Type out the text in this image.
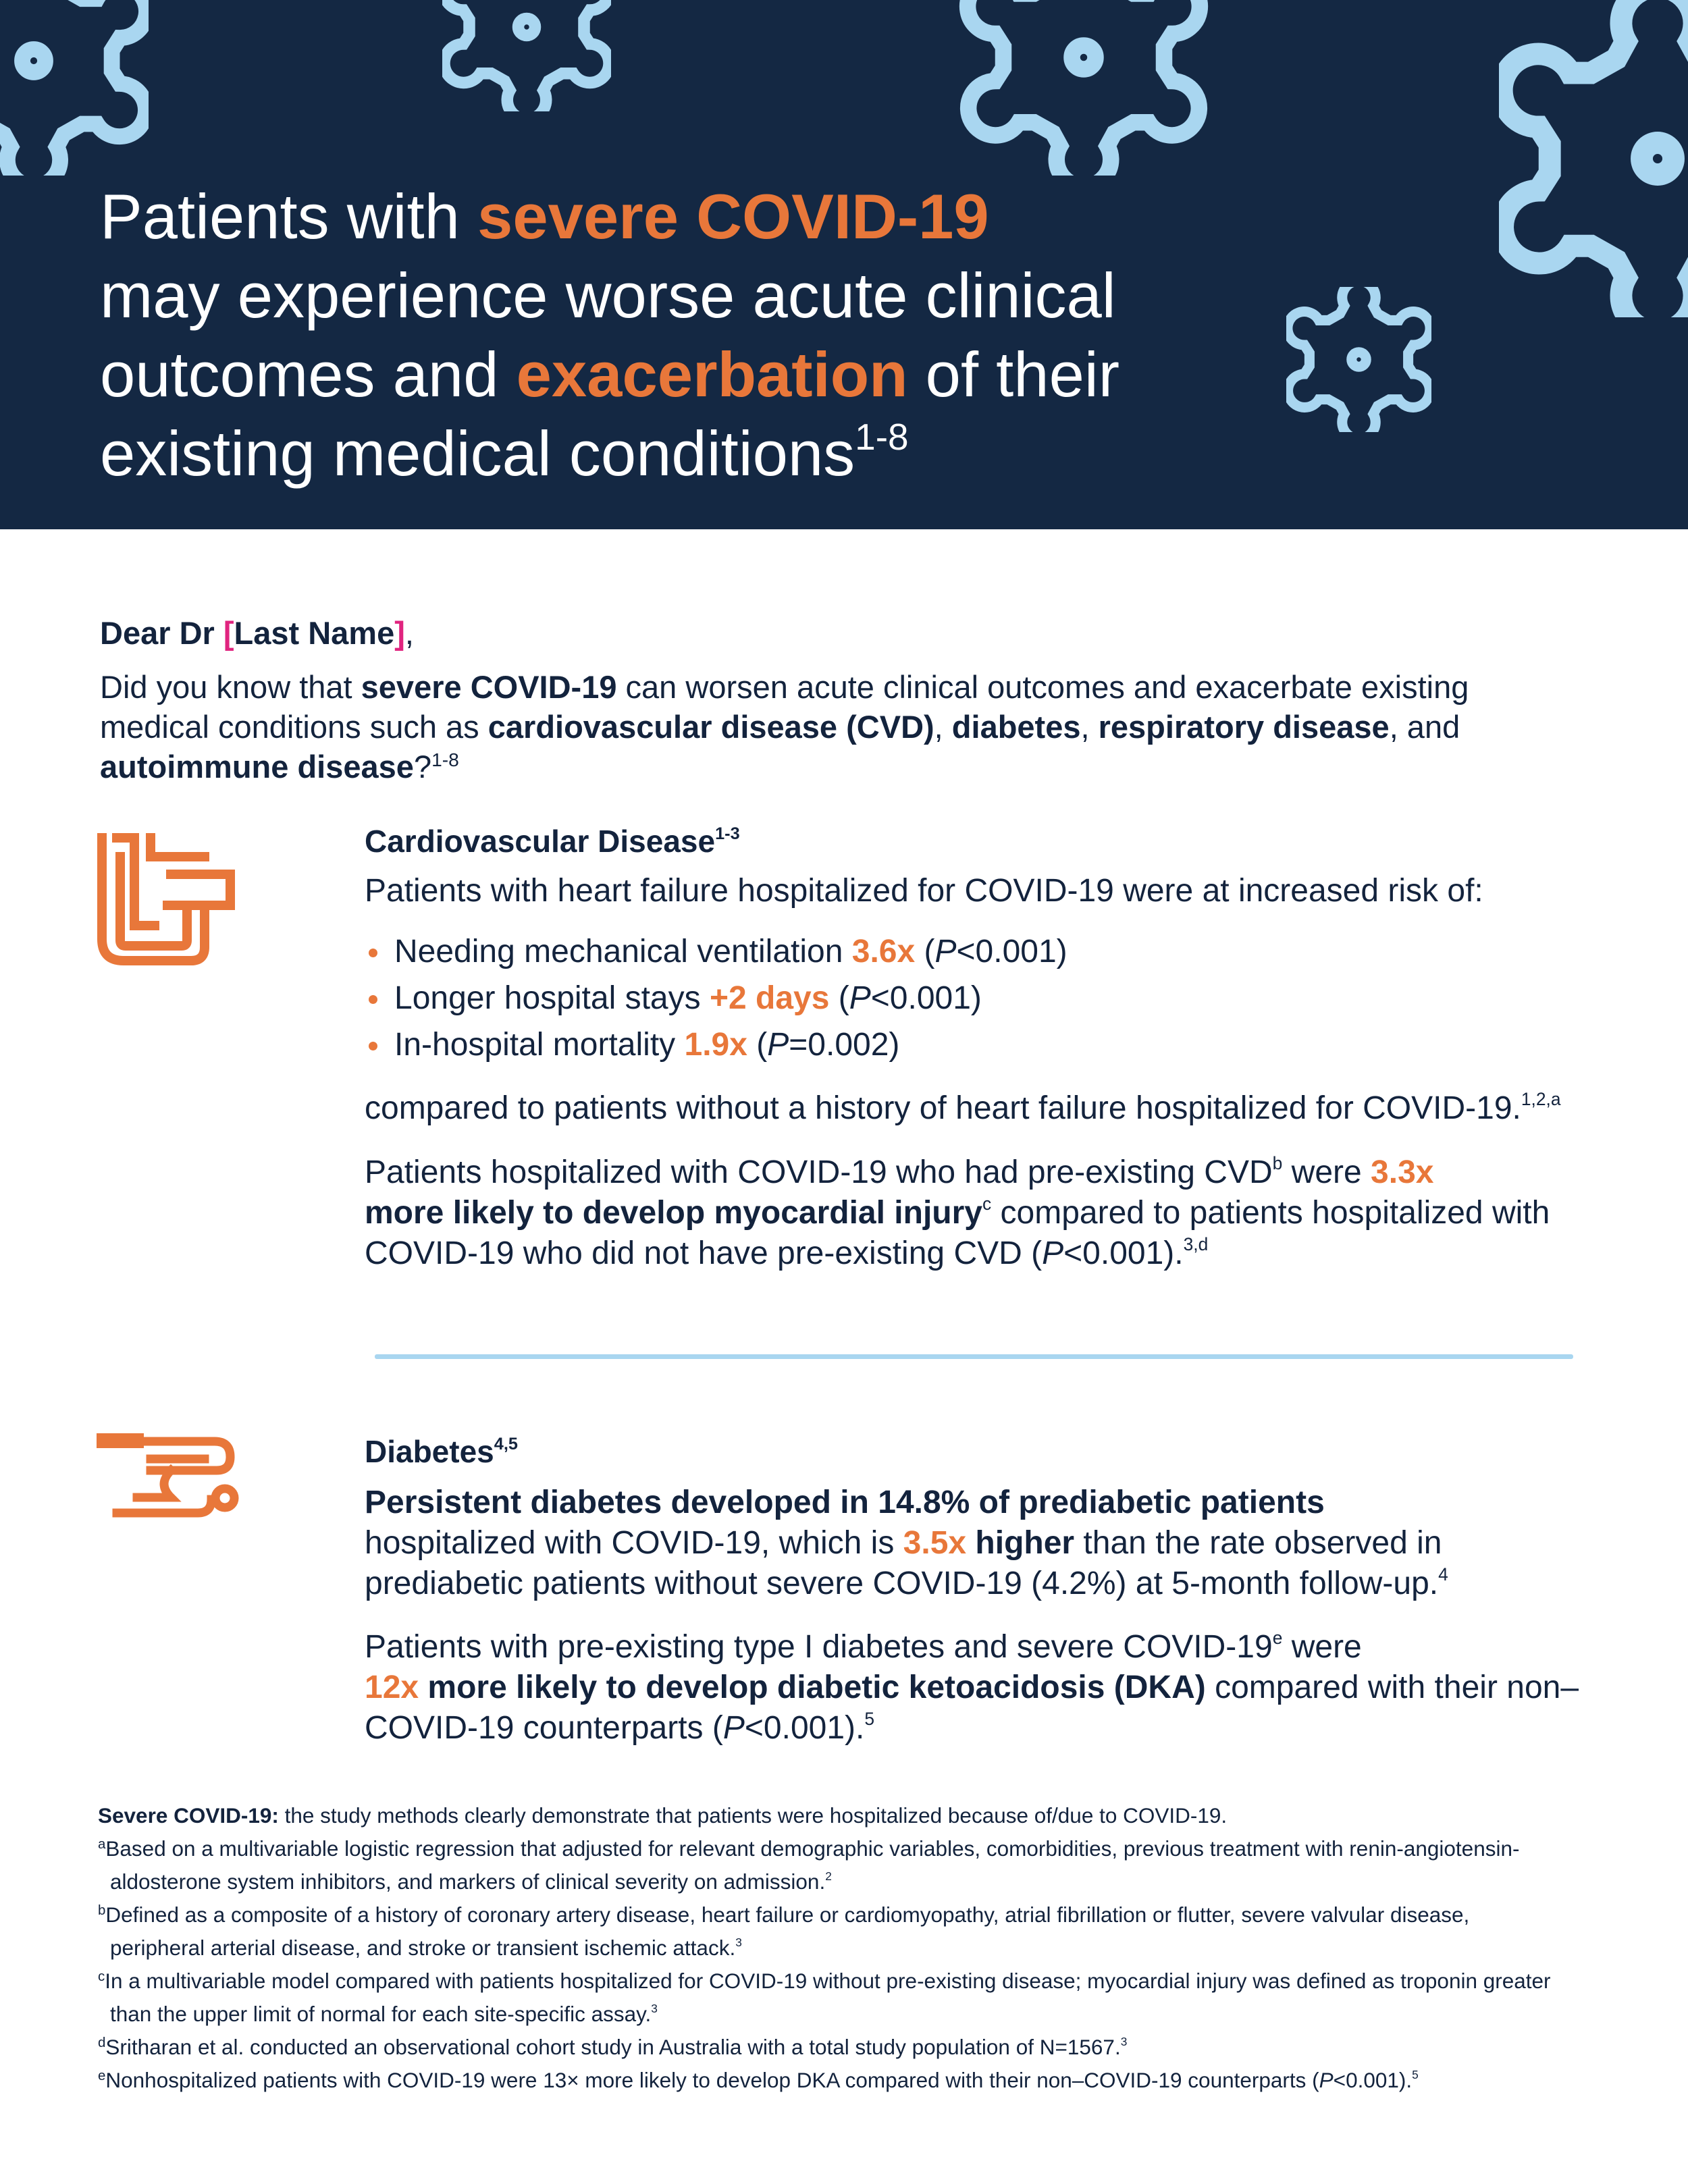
Patients with severe COVID-19
may experience worse acute clinical
outcomes and exacerbation of their
existing medical conditions$^{1-8}$

Dear Dr [Last Name],

Did you know that severe COVID-19 can worsen acute clinical outcomes and exacerbate existing medical conditions such as cardiovascular disease (CVD), diabetes, respiratory disease, and autoimmune disease?$^{1-8}$

Cardiovascular Disease$^{1-3}$

Patients with heart failure hospitalized for COVID-19 were at increased risk of:

Needing mechanical ventilation 3.6x (P<0.001)
Longer hospital stays +2 days (P<0.001)
In-hospital mortality 1.9x (P=0.002)

compared to patients without a history of heart failure hospitalized for COVID-19.$^{1,2,a}$

Patients hospitalized with COVID-19 who had pre-existing CVD$^b$ were 3.3x
more likely to develop myocardial injury$^c$ compared to patients hospitalized with COVID-19 who did not have pre-existing CVD (P<0.001).$^{3,d}$

Diabetes$^{4,5}$

Persistent diabetes developed in 14.8% of prediabetic patients
hospitalized with COVID-19, which is 3.5x higher than the rate observed in prediabetic patients without severe COVID-19 (4.2%) at 5-month follow-up.$^4$

Patients with pre-existing type I diabetes and severe COVID-19e were
12x more likely to develop diabetic ketoacidosis (DKA) compared with their non–COVID-19 counterparts (P<0.001).$^5$

Severe COVID-19: the study methods clearly demonstrate that patients were hospitalized because of/due to COVID-19.

$^a$Based on a multivariable logistic regression that adjusted for relevant demographic variables, comorbidities, previous treatment with renin-angiotensin-

aldosterone system inhibitors, and markers of clinical severity on admission.$^2$

$^b$Defined as a composite of a history of coronary artery disease, heart failure or cardiomyopathy, atrial fibrillation or flutter, severe valvular disease,

peripheral arterial disease, and stroke or transient ischemic attack.$^3$

$^c$In a multivariable model compared with patients hospitalized for COVID-19 without pre-existing disease; myocardial injury was defined as troponin greater

than the upper limit of normal for each site-specific assay.$^3$

$^d$Sritharan et al. conducted an observational cohort study in Australia with a total study population of N=1567.$^3$

$^e$Nonhospitalized patients with COVID-19 were 13× more likely to develop DKA compared with their non–COVID-19 counterparts (P<0.001).$^5$
